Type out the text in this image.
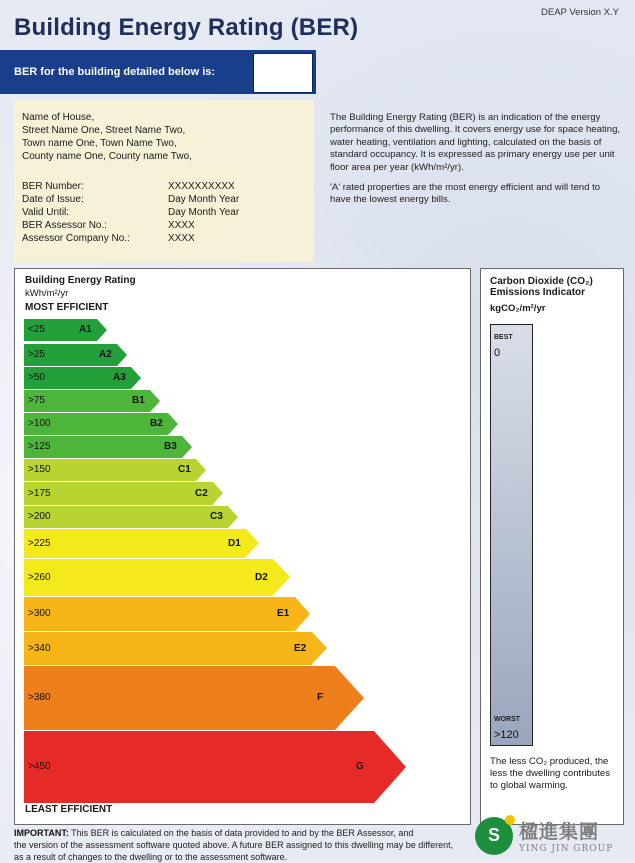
Building Energy Rating (BER)
DEAP Version X.Y
BER for the building detailed below is:
Name of House,
Street Name One, Street Name Two,
Town name One, Town Name Two,
County name One, County name Two,
BER Number:	XXXXXXXXXX
Date of Issue:	Day Month Year
Valid Until:	Day Month Year
BER Assessor No.:	XXXX
Assessor Company No.:	XXXX

The Building Energy Rating (BER) is an indication of the energy performance of this dwelling. It covers energy use for space heating, water heating, ventilation and lighting, calculated on the basis of standard occupancy. It is expressed as primary energy use per unit floor area per year (kWh/m²/yr).

'A' rated properties are the most energy efficient and will tend to have the lowest energy bills.

Building Energy Rating
kWh/m²/yr
MOST EFFICIENT
<25	A1
>25	A2
>50	A3
>75	B1
>100	B2
>125	B3
>150	C1
>175	C2
>200	C3
>225	D1
>260	D2
>300	E1
>340	E2
>380	F
>450	G
LEAST EFFICIENT
Carbon Dioxide (CO₂)
Emissions Indicator
kgCO₂/m²/yr
BEST
0
WORST
>120
The less CO₂ produced, the less the dwelling contributes to global warming.
IMPORTANT: This BER is calculated on the basis of data provided to and by the BER Assessor, and
the version of the assessment software quoted above. A future BER assigned to this dwelling may be different,
as a result of changes to the dwelling or to the assessment software.
S	楹進集團
YING JIN GROUP
